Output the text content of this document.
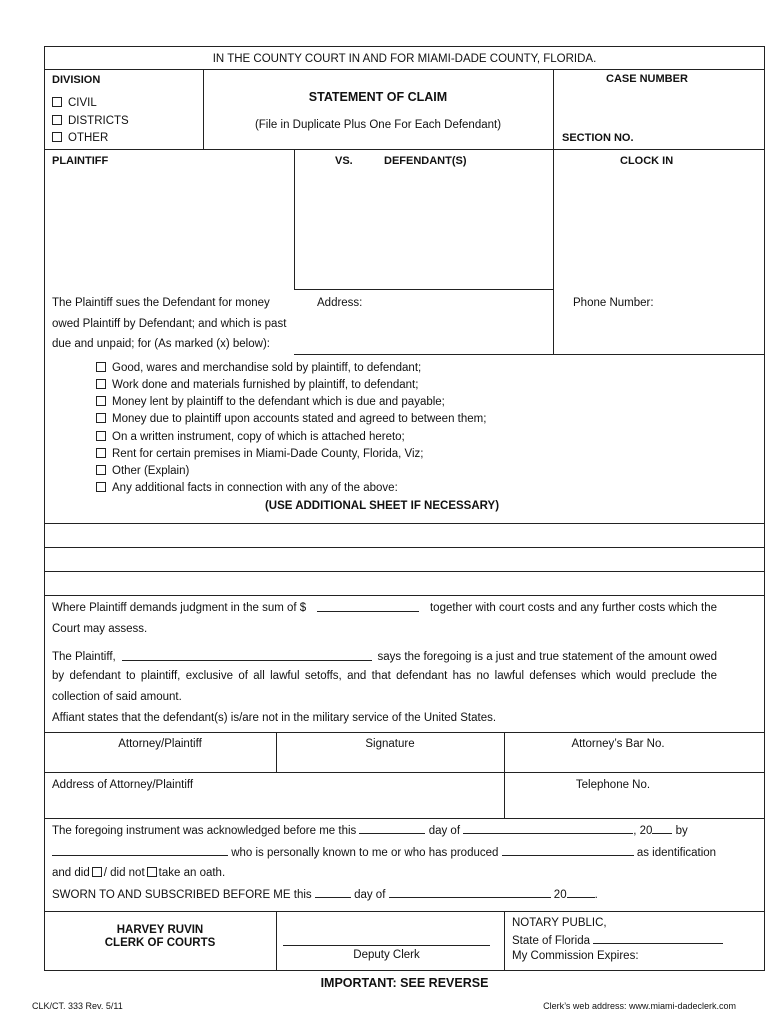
IN THE COUNTY COURT IN AND FOR MIAMI-DADE COUNTY, FLORIDA.
DIVISION
CIVIL
DISTRICTS
OTHER
STATEMENT OF CLAIM
(File in Duplicate Plus One For Each Defendant)
CASE NUMBER
SECTION NO.
PLAINTIFF	VS.	DEFENDANT(S)	CLOCK IN
The Plaintiff sues the Defendant for money
owed Plaintiff by Defendant; and which is past
due and unpaid; for (As marked (x) below):
Address:	Phone Number:
Good, wares and merchandise sold by plaintiff, to defendant;
Work done and materials furnished by plaintiff, to defendant;
Money lent by plaintiff to the defendant which is due and payable;
Money due to plaintiff upon accounts stated and agreed to between them;
On a written instrument, copy of which is attached hereto;
Rent for certain premises in Miami-Dade County, Florida, Viz;
Other (Explain)
Any additional facts in connection with any of the above:
(USE ADDITIONAL SHEET IF NECESSARY)
Where Plaintiff demands judgment in the sum of $	together with court costs and any further costs which the
Court may assess.
The Plaintiff,	says the foregoing is a just and true statement of the amount owed
by defendant to plaintiff, exclusive of all lawful setoffs, and that defendant has no lawful defenses which would preclude the
collection of said amount.
Affiant states that the defendant(s) is/are not in the military service of the United States.
Attorney/Plaintiff	Signature	Attorney’s Bar No.
Address of Attorney/Plaintiff	Telephone No.
The foregoing instrument was acknowledged before me this	day of	, 20 by
who is personally known to me or who has produced	as identification
and did / did not take an oath.
SWORN TO AND SUBSCRIBED BEFORE ME this	day of	20 .
HARVEY RUVIN
CLERK OF COURTS
Deputy Clerk
NOTARY PUBLIC,
State of Florida
My Commission Expires:
IMPORTANT: SEE REVERSE
CLK/CT. 333 Rev. 5/11	Clerk’s web address: www.miami-dadeclerk.com
